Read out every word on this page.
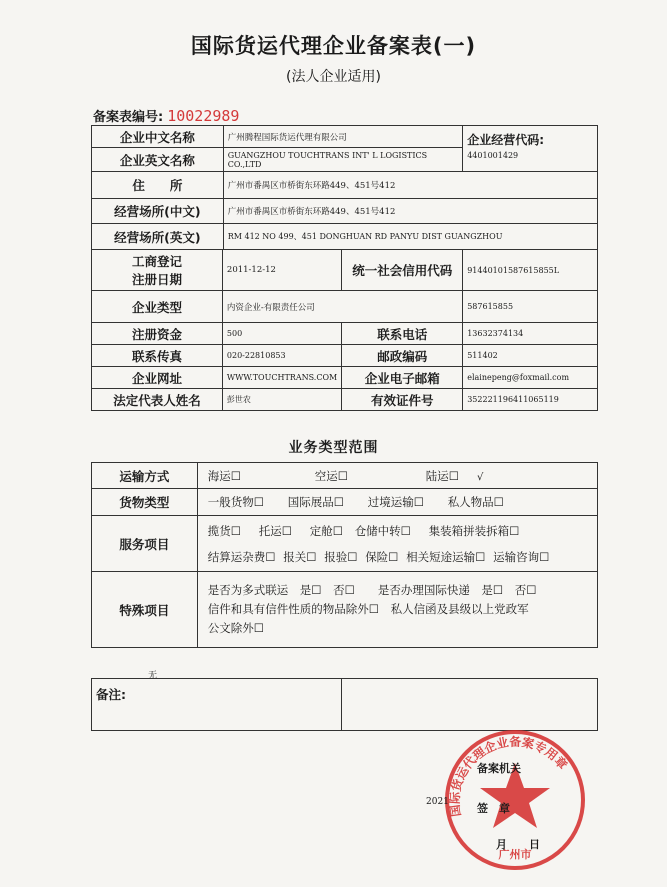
国际货运代理企业备案表(一)
(法人企业适用)
备案表编号: 10022989
企业中文名称	广州腾程国际货运代理有限公司	企业经营代码:
4401001429

企业英文名称	GUANGZHOU TOUCHTRANS INT' L LOGISTICS CO.,LTD	
住　　所	广州市番禺区市桥街东环路449、451号412	
经营场所(中文)	广州市番禺区市桥街东环路449、451号412	
经营场所(英文)	RM 412 NO 499、451 DONGHUAN RD PANYU DIST GUANGZHOU	
工商登记
注册日期	2011-12-12	统一社会信用代码	91440101587615855L
企业类型	内资企业-有限责任公司		587615855
注册资金	500	联系电话	13632374134
联系传真	020-22810853	邮政编码	511402
企业网址	WWW.TOUCHTRANS.COM	企业电子邮箱	elainepeng@foxmail.com
法定代表人姓名	彭世农	有效证件号	352221196411065119
业务类型范围
运输方式	海运☐ 空运☐ 陆运☐ √
货物类型	一般货物☐ 国际展品☐ 过境运输☐ 私人物品☐
服务项目	揽货☐ 托运☐ 定舱☐ 仓储中转☐ 集装箱拼装拆箱☐
结算运杂费☐ 报关☐ 报验☐ 保险☐ 相关短途运输☐ 运输咨询☐

特殊项目	是否为多式联运　是☐　否☐　　是否办理国际快递　是☐　否☐
信件和具有信件性质的物品除外☐　私人信函及县级以上党政军
公文除外☐
无
备注:

国际货运代理企业备案专用章
广州市
备案机关
2021	签　章
月　　日
